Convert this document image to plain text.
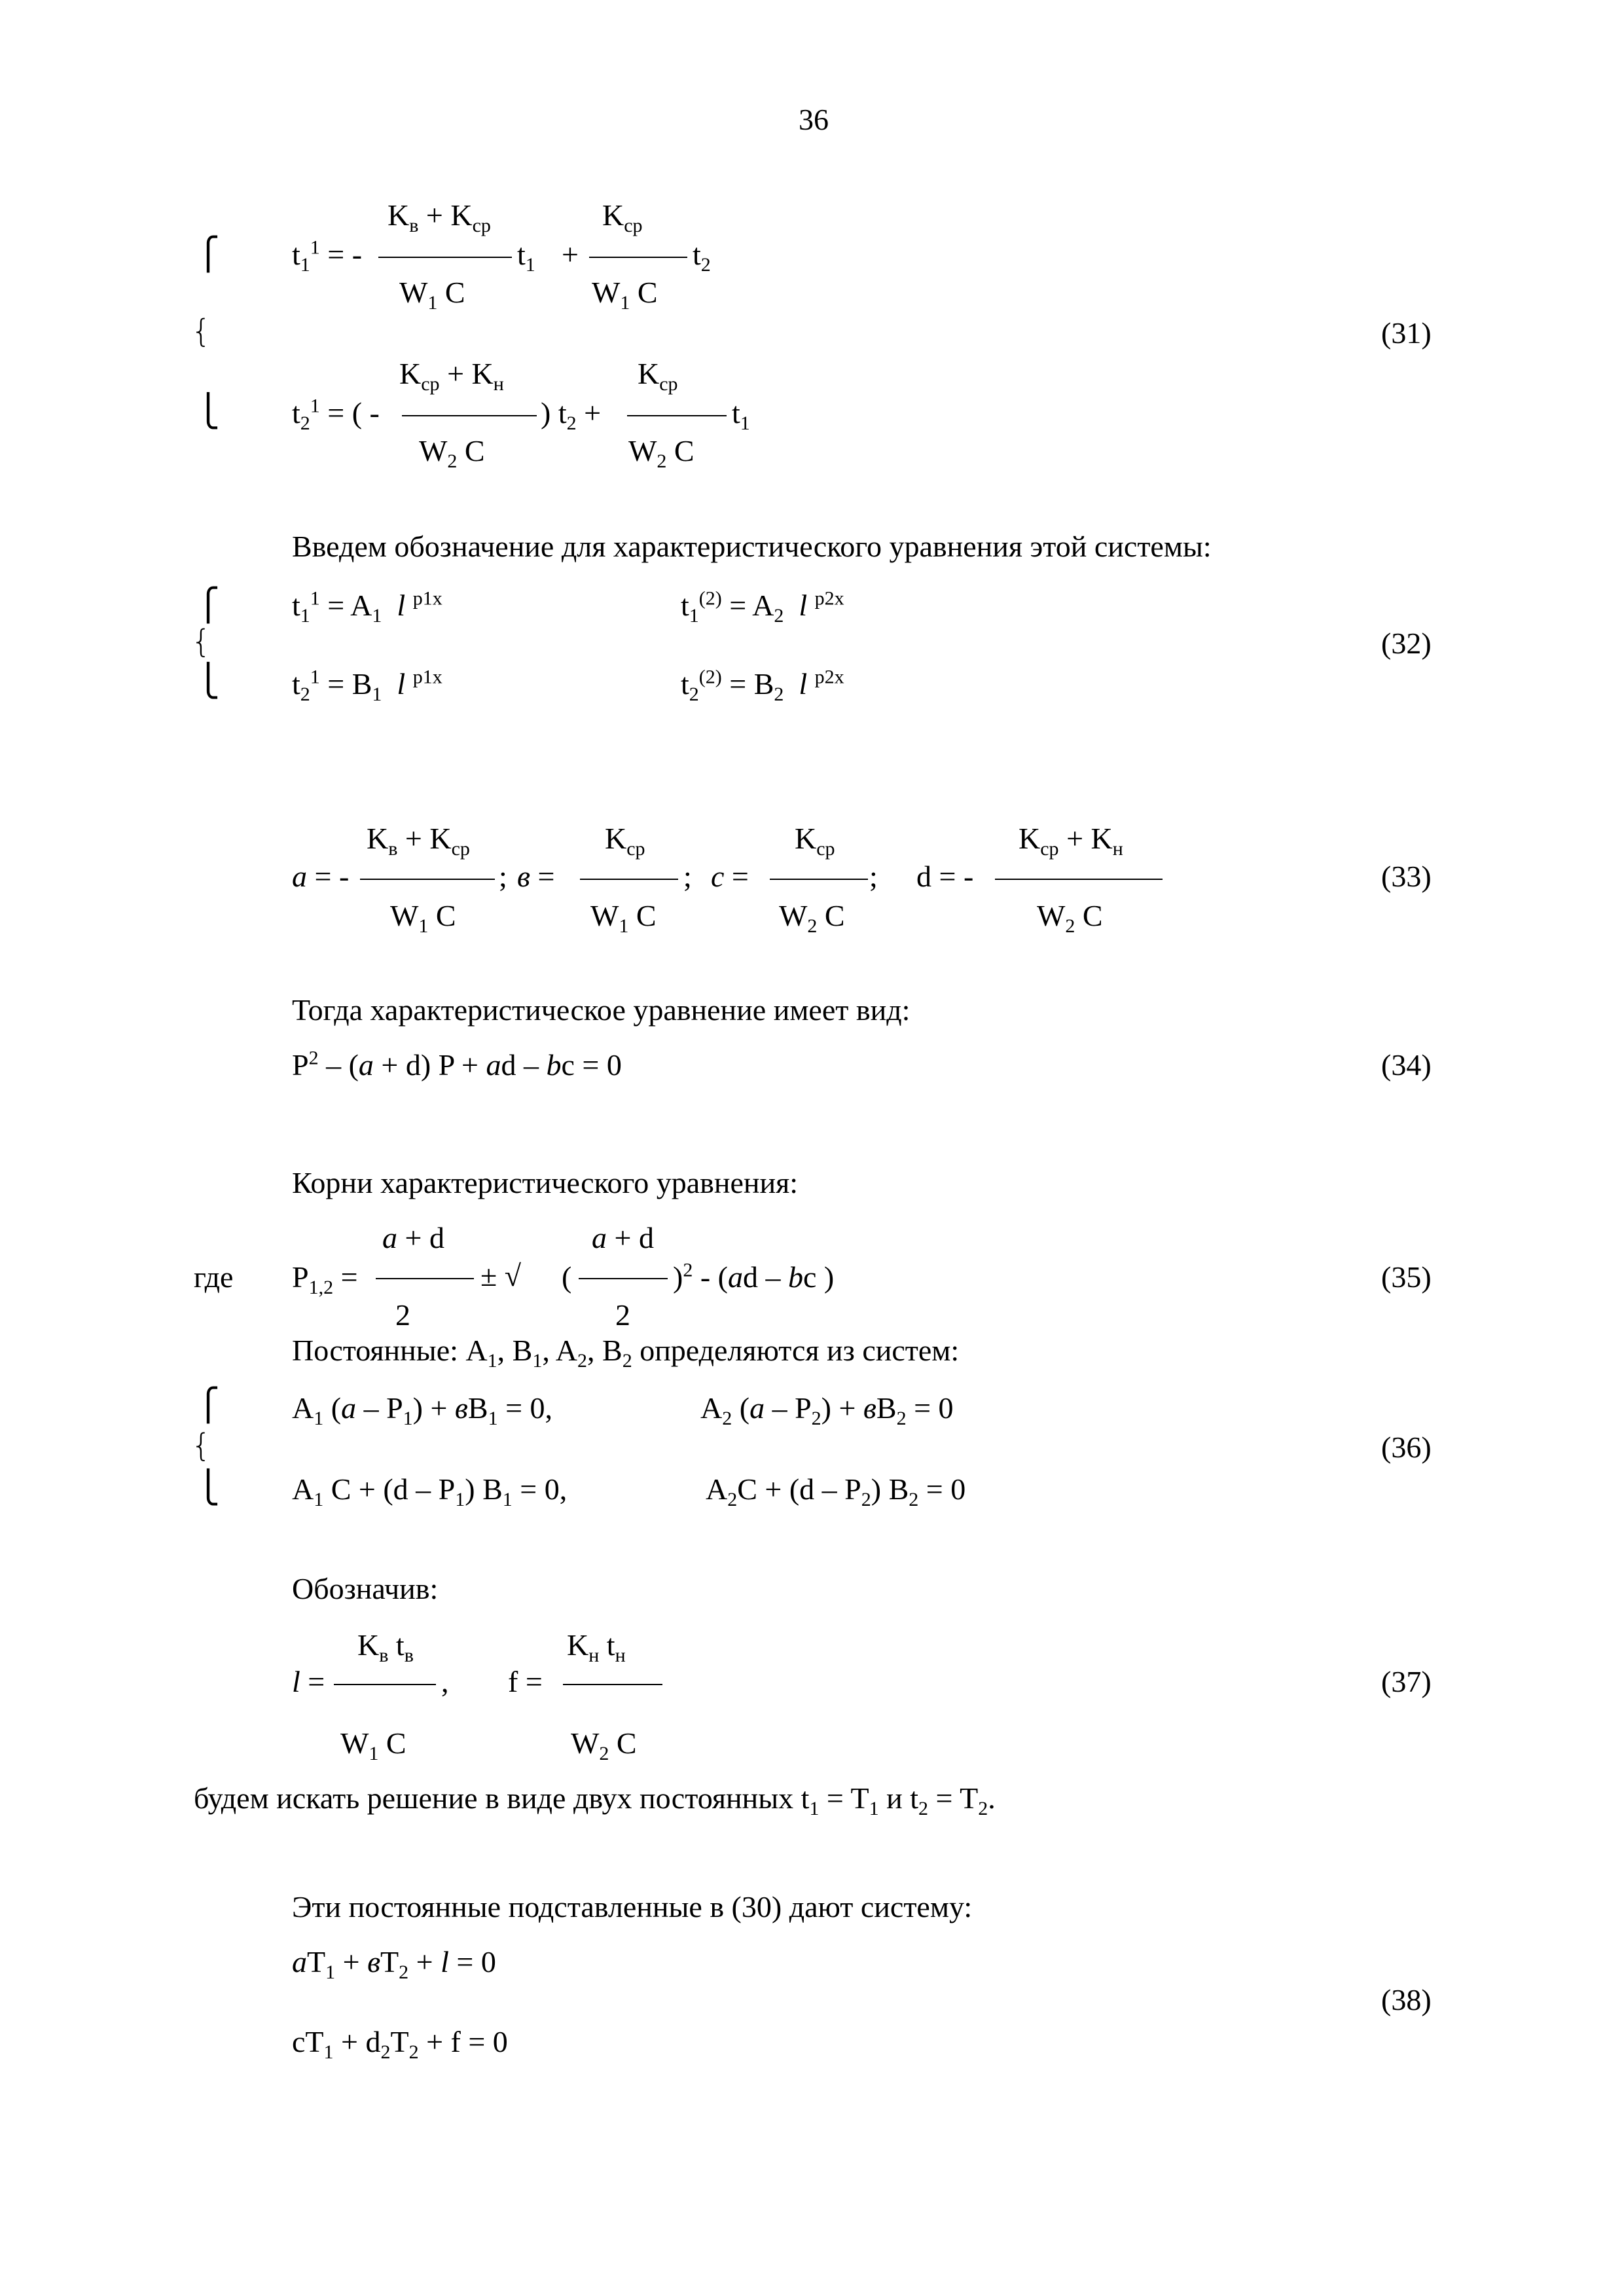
36
⎧
{
⎩
$K_в + K_{ср}$
$t_1^1$ = -	$t_1$ +
$K_{ср}$
$t_2$
$W_1$ C	$W_1$ C
(31)
$K_{ср} + K_н$
$t_2^1$ = ( -	) $t_2$ +
$K_{ср}$
$t_1$
$W_2$ C	$W_2$ C
Введем обозначение для характеристического уравнения этой системы:
⎧
{
⎩
$t_1^1 = A_1$ l $^{p1x}$	$t_1^{(2)} = A_2$ l $^{p2x}$
(32)
$t_2^1 = B_1$ l $^{p1x}$	$t_2^{(2)} = B_2$ l $^{p2x}$
$K_в + K_{ср}$	$K_{ср}$	$K_{ср}$	$K_{ср} + K_н$
a = -	; в =	; c =	; d = -	(33)
$W_1$ C	$W_1$ C	$W_2$ C	$W_2$ C
Тогда характеристическое уравнение имеет вид:
$P^2 - (a + d) P$ + ad – bc = 0	(34)
Корни характеристического уравнения:
a + d	a + d
где $P_{1,2}$ =	± √ (	)$^2$ - (ad – bc )	(35)
2	2
Постоянные: $A_1$, $B_1$, $A_2$, $B_2$ определяются из систем:
⎧
{
⎩
$A_1$ $(a - P_1) + вB_1 = 0$,	$A_2$ $(a - P_2) + вB_2 = 0$
(36)
$A_1$ $C + (d - P_1)$ $B_1 = 0$,	$A_2C + (d - P_2) B_2 = 0$
Обозначив:
$K_в$ $t_в$	$K_н$ $t_н$
l =	, f =	(37)
$W_1$ C	$W_2$ C
будем искать решение в виде двух постоянных $t_1 = T_1$ и $t_2 = T_2$.
Эти постоянные подставленные в (30) дают систему:
$aT_1 + вT_2 + l = 0$
(38)
$cT_1 + d_2T_2 + f = 0$
